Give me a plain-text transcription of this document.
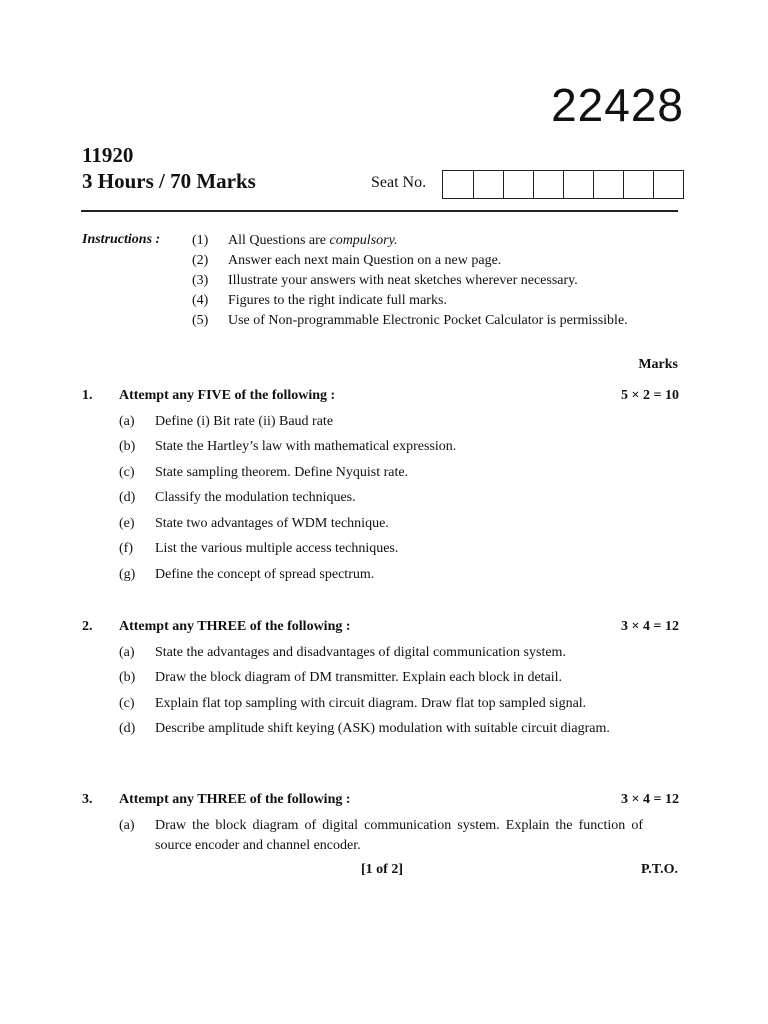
22428
11920
3 Hours / 70 Marks	Seat No.
Instructions : (1)	All Questions are compulsory.
(2)	Answer each next main Question on a new page.
(3)	Illustrate your answers with neat sketches wherever necessary.
(4)	Figures to the right indicate full marks.
(5)	Use of Non-programmable Electronic Pocket Calculator is permissible.
Marks
1.	Attempt any FIVE of the following :	5 × 2 = 10
(a)	Define (i) Bit rate (ii) Baud rate
(b)	State the Hartley’s law with mathematical expression.
(c)	State sampling theorem. Define Nyquist rate.
(d)	Classify the modulation techniques.
(e)	State two advantages of WDM technique.
(f)	List the various multiple access techniques.
(g)	Define the concept of spread spectrum.
2.	Attempt any THREE of the following :	3 × 4 = 12
(a)	State the advantages and disadvantages of digital communication system.
(b)	Draw the block diagram of DM transmitter. Explain each block in detail.
(c)	Explain flat top sampling with circuit diagram. Draw flat top sampled signal.
(d)	Describe amplitude shift keying (ASK) modulation with suitable circuit diagram.
3.	Attempt any THREE of the following :	3 × 4 = 12
(a)	Draw the block diagram of digital communication system. Explain the function of source encoder and channel encoder.
[1 of 2]	P.T.O.
